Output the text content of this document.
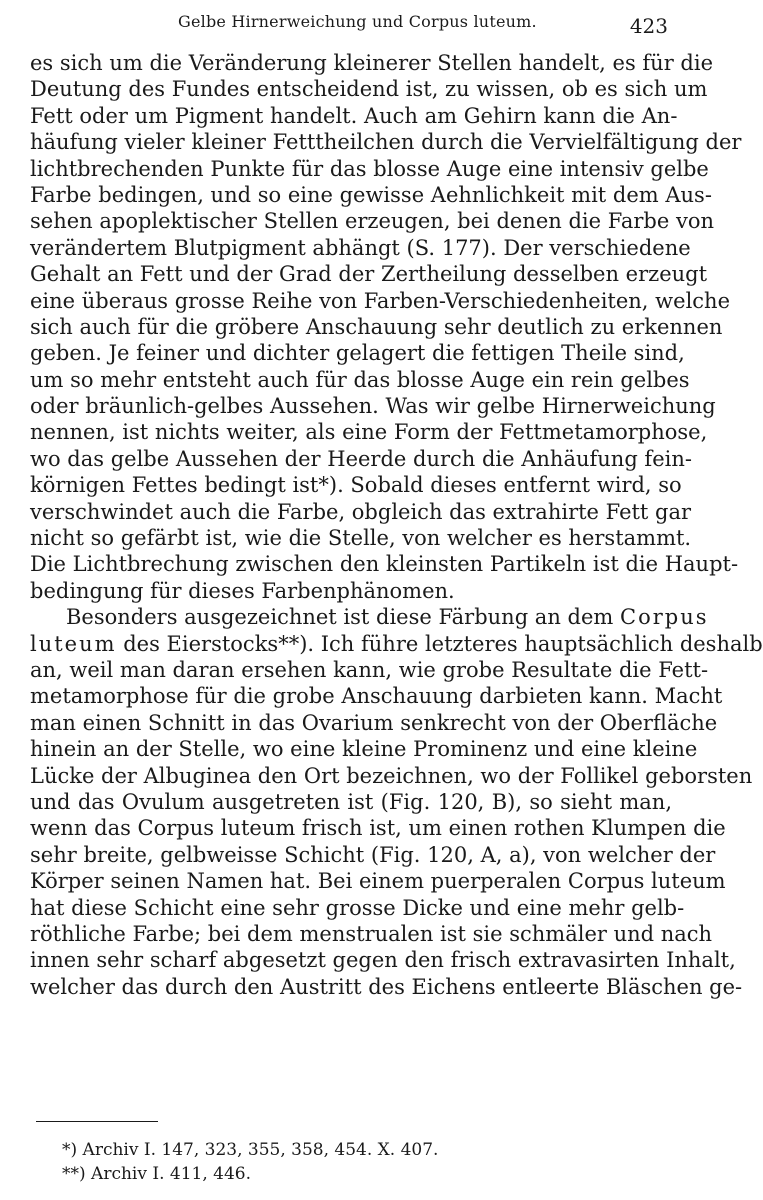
Gelbe Hirnerweichung und Corpus luteum.	423
es sich um die Veränderung kleinerer Stellen handelt, es für die
Deutung des Fundes entscheidend ist, zu wissen, ob es sich um
Fett oder um Pigment handelt. Auch am Gehirn kann die An-
häufung vieler kleiner Fetttheilchen durch die Vervielfältigung der
lichtbrechenden Punkte für das blosse Auge eine intensiv gelbe
Farbe bedingen, und so eine gewisse Aehnlichkeit mit dem Aus-
sehen apoplektischer Stellen erzeugen, bei denen die Farbe von
verändertem Blutpigment abhängt (S. 177). Der verschiedene
Gehalt an Fett und der Grad der Zertheilung desselben erzeugt
eine überaus grosse Reihe von Farben-Verschiedenheiten, welche
sich auch für die gröbere Anschauung sehr deutlich zu erkennen
geben. Je feiner und dichter gelagert die fettigen Theile sind,
um so mehr entsteht auch für das blosse Auge ein rein gelbes
oder bräunlich-gelbes Aussehen. Was wir gelbe Hirnerweichung
nennen, ist nichts weiter, als eine Form der Fettmetamorphose,
wo das gelbe Aussehen der Heerde durch die Anhäufung fein-
körnigen Fettes bedingt ist*). Sobald dieses entfernt wird, so
verschwindet auch die Farbe, obgleich das extrahirte Fett gar
nicht so gefärbt ist, wie die Stelle, von welcher es herstammt.
Die Lichtbrechung zwischen den kleinsten Partikeln ist die Haupt-
bedingung für dieses Farbenphänomen.
Besonders ausgezeichnet ist diese Färbung an dem Corpus
luteum des Eierstocks**). Ich führe letzteres hauptsächlich deshalb
an, weil man daran ersehen kann, wie grobe Resultate die Fett-
metamorphose für die grobe Anschauung darbieten kann. Macht
man einen Schnitt in das Ovarium senkrecht von der Oberfläche
hinein an der Stelle, wo eine kleine Prominenz und eine kleine
Lücke der Albuginea den Ort bezeichnen, wo der Follikel geborsten
und das Ovulum ausgetreten ist (Fig. 120, B), so sieht man,
wenn das Corpus luteum frisch ist, um einen rothen Klumpen die
sehr breite, gelbweisse Schicht (Fig. 120, A, a), von welcher der
Körper seinen Namen hat. Bei einem puerperalen Corpus luteum
hat diese Schicht eine sehr grosse Dicke und eine mehr gelb-
röthliche Farbe; bei dem menstrualen ist sie schmäler und nach
innen sehr scharf abgesetzt gegen den frisch extravasirten Inhalt,
welcher das durch den Austritt des Eichens entleerte Bläschen ge-
*) Archiv I. 147, 323, 355, 358, 454. X. 407.
**) Archiv I. 411, 446.
